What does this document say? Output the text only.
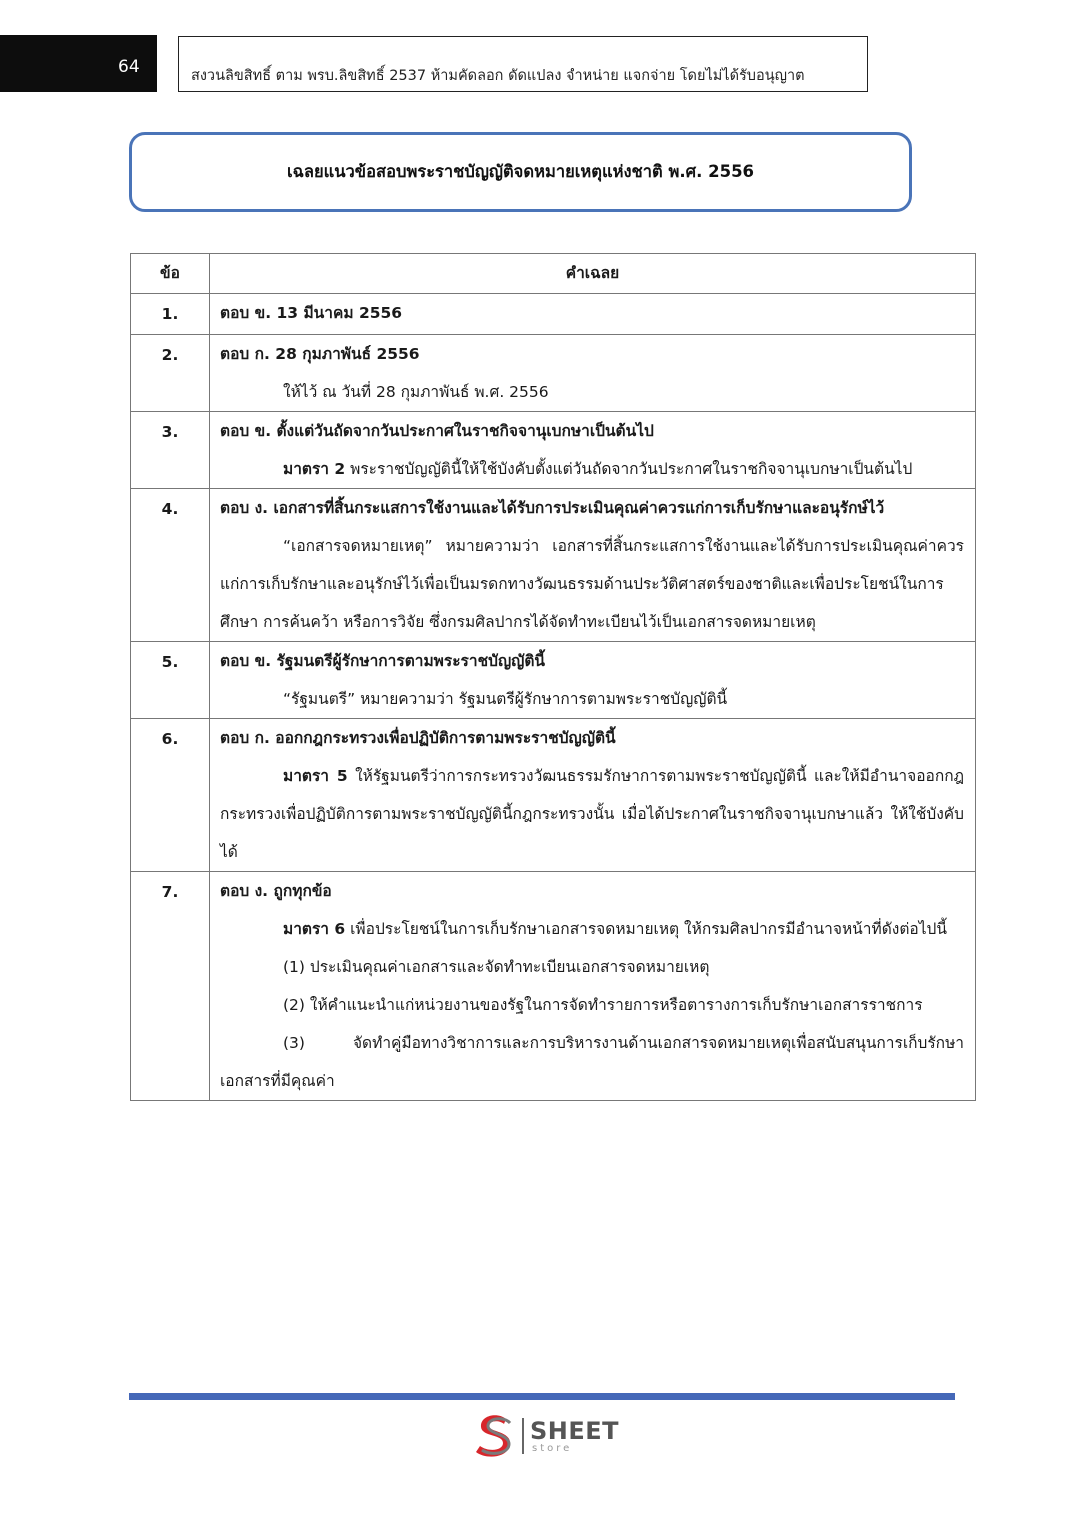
64	สงวนลิขสิทธิ์ ตาม พรบ.ลิขสิทธิ์ 2537 ห้ามคัดลอก ดัดแปลง จำหน่าย แจกจ่าย โดยไม่ได้รับอนุญาต
เฉลยแนวข้อสอบพระราชบัญญัติจดหมายเหตุแห่งชาติ พ.ศ. 2556
ข้อ	คำเฉลย
1.	ตอบ ข. 13 มีนาคม 2556

2.	ตอบ ก. 28 กุมภาพันธ์ 2556
ให้ไว้ ณ วันที่ 28 กุมภาพันธ์ พ.ศ. 2556

3.	ตอบ ข. ตั้งแต่วันถัดจากวันประกาศในราชกิจจานุเบกษาเป็นต้นไป
มาตรา 2 พระราชบัญญัตินี้ให้ใช้บังคับตั้งแต่วันถัดจากวันประกาศในราชกิจจานุเบกษาเป็นต้นไป

4.	ตอบ ง. เอกสารที่สิ้นกระแสการใช้งานและได้รับการประเมินคุณค่าควรแก่การเก็บรักษาและอนุรักษ์ไว้
“เอกสารจดหมายเหตุ” หมายความว่า เอกสารที่สิ้นกระแสการใช้งานและได้รับการประเมินคุณค่าควรแก่การเก็บรักษาและอนุรักษ์ไว้เพื่อเป็นมรดกทางวัฒนธรรมด้านประวัติศาสตร์ของชาติและเพื่อประโยชน์ในการศึกษา การค้นคว้า หรือการวิจัย ซึ่งกรมศิลปากรได้จัดทำทะเบียนไว้เป็นเอกสารจดหมายเหตุ

5.	ตอบ ข. รัฐมนตรีผู้รักษาการตามพระราชบัญญัตินี้
“รัฐมนตรี” หมายความว่า รัฐมนตรีผู้รักษาการตามพระราชบัญญัตินี้

6.	ตอบ ก. ออกกฎกระทรวงเพื่อปฏิบัติการตามพระราชบัญญัตินี้
มาตรา 5 ให้รัฐมนตรีว่าการกระทรวงวัฒนธรรมรักษาการตามพระราชบัญญัตินี้ และให้มีอำนาจออกกฎกระทรวงเพื่อปฏิบัติการตามพระราชบัญญัตินี้กฎกระทรวงนั้น เมื่อได้ประกาศในราชกิจจานุเบกษาแล้ว ให้ใช้บังคับได้

7.	ตอบ ง. ถูกทุกข้อ
มาตรา 6 เพื่อประโยชน์ในการเก็บรักษาเอกสารจดหมายเหตุ ให้กรมศิลปากรมีอำนาจหน้าที่ดังต่อไปนี้
(1) ประเมินคุณค่าเอกสารและจัดทำทะเบียนเอกสารจดหมายเหตุ
(2) ให้คำแนะนำแก่หน่วยงานของรัฐในการจัดทำรายการหรือตารางการเก็บรักษาเอกสารราชการ
(3) จัดทำคู่มือทางวิชาการและการบริหารงานด้านเอกสารจดหมายเหตุเพื่อสนับสนุนการเก็บรักษาเอกสารที่มีคุณค่า
SHEET
store
